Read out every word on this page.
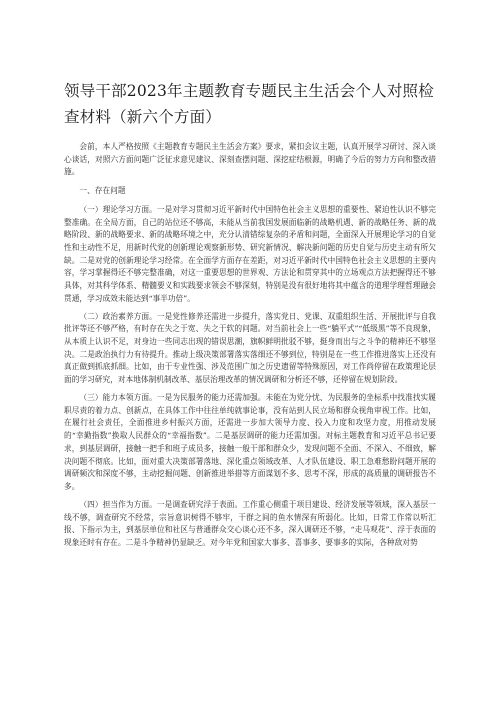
领导干部2023年主题教育专题民主生活会个人对照检查材料（新六个方面）

会前，本人严格按照《主题教育专题民主生活会方案》要求，紧扣会议主题，认真开展学习研讨、深入谈心谈话，对照六方面问题广泛征求意见建议、深刻查摆问题、深挖症结根源，明确了今后的努力方向和整改措施。

一、存在问题

（一）理论学习方面。一是对学习贯彻习近平新时代中国特色社会主义思想的重要性、紧迫性认识不够完整准确。在全局方面，自己的站位还不够高，未能从当前我国发展面临新的战略机遇、新的战略任务、新的战略阶段、新的战略要求、新的战略环境之中，充分认清错综复杂的矛盾和问题，全面深入开展理论学习的自觉性和主动性不足，用新时代党的创新理论观察新形势、研究新情况、解决新问题的历史自觉与历史主动有所欠缺。二是对党的创新理论学习经常。在全面学方面存在差距，对习近平新时代中国特色社会主义思想的主要内容，学习掌握得还不够完整准确，对这一重要思想的世界观、方法论和贯穿其中的立场观点方法把握得还不够具体，对其科学体系、精髓要义和实践要求领会不够深刻，特别是没有很好地将其中蕴含的道理学理哲理融会贯通，学习成效未能达到“事半功倍”。

（二）政治素养方面。一是党性修养还需进一步提升，落实党日、党课、双重组织生活、开展批评与自我批评等还不够严格，有时存在失之于宽、失之于软的问题。对当前社会上一些“躺平式”“低级黑”等不良现象，从本质上认识不足，对身边一些同志出现的错误思潮，旗帜鲜明批驳不够，挺身而出与之斗争的精神还不够坚决。二是政治执行力有待提升。推动上级决策部署落实落细还不够到位，特别是在一些工作推进落实上还没有真正做到抓底抓细。比如，由于专业性强、涉及范围广加之历史遗留等特殊原因，对工作尚停留在政策理论层面的学习研究，对本地体制机制改革、基层治理改革的情况调研和分析还不够，还停留在规划阶段。

（三）能力本领方面。一是为民服务的能力还需加强。未能在为党分忧、为民服务的坐标系中找准找实履职尽责的着力点、创新点，在具体工作中往往单纯就事论事，没有站到人民立场和群众视角审视工作。比如，在履行社会责任，全面推进乡村振兴方面，还需进一步加大领导力度、投入力度和攻坚力度，用推动发展的“幸勤指数”换取人民群众的“幸福指数”。二是基层调研的能力还需加强。对标主题教育和习近平总书记要求，到基层调研，接触一把手和班子成员多，接触一般干部和群众少，发现问题不全面、不深入、不细致，解决问题不彻底。比如，面对重大决策部署落地、深化重点领域改革、人才队伍建设、职工急难愁盼问题开展的调研频次和深度不够，主动挖掘问题、创新推进举措等方面谋划不多、思考不深，形成的高质量的调研报告不多。

（四）担当作为方面。一是调查研究浮于表面。工作重心侧重于项目建设、经济发展等领域，深入基层一线不够，调查研究不经常，宗旨意识树得不够牢，干群之间的鱼水情深有所弱化。比如，日常工作常以听汇报、下指示为主，到基层单位和社区与普通群众交心谈心还不多，深入调研还不够，“走马观花”、浮于表面的现象还时有存在。二是斗争精神仍显缺乏。对今年党和国家大事多、喜事多、要事多的实际，各种敌对势
